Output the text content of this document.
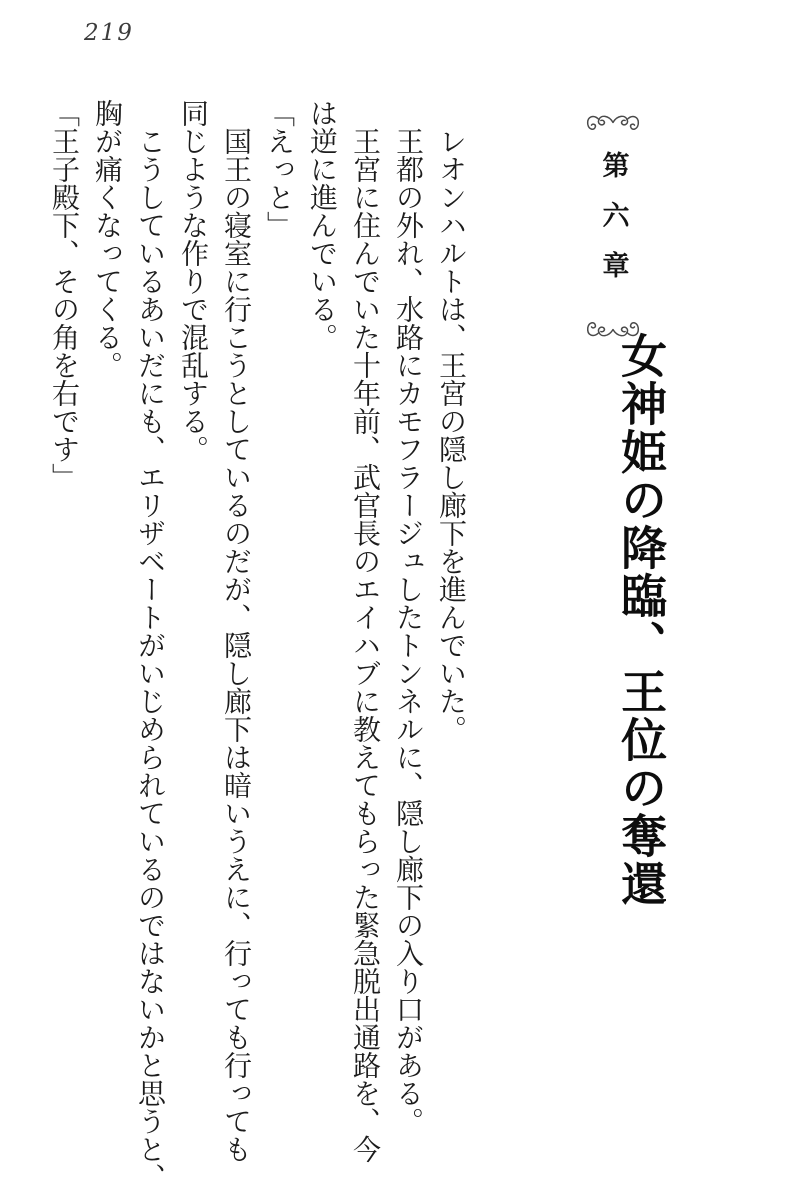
219
第六章
女神姫の降臨、王位の奪還

　レオンハルトは、王宮の隠し廊下を進んでいた。

　王都の外れ、水路にカモフラージュしたトンネルに、隠し廊下の入り口がある。

　王宮に住んでいた十年前、武官長のエイハブに教えてもらった緊急脱出通路を、今

は逆に進んでいる。

「えっと」

　国王の寝室に行こうとしているのだが、隠し廊下は暗いうえに、行っても行っても

同じような作りで混乱する。

　こうしているあいだにも、エリザベートがいじめられているのではないかと思うと、

胸が痛くなってくる。

「王子殿下、その角を右です」
